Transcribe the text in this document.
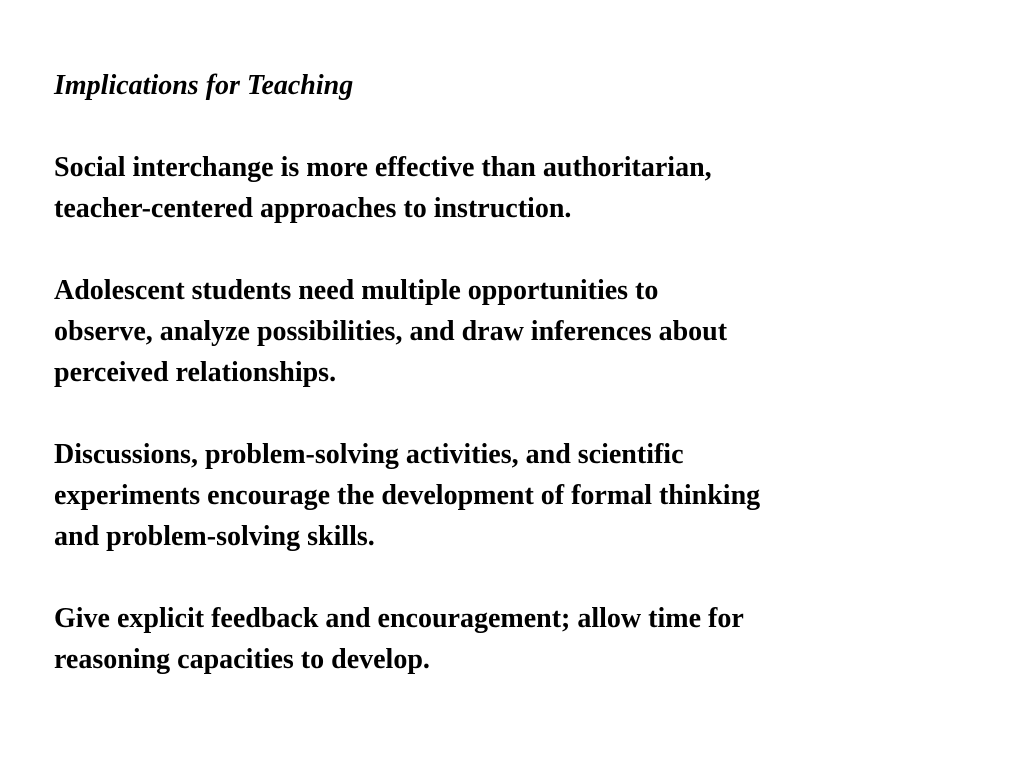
Implications for Teaching
Social interchange is more effective than authoritarian,
teacher-centered approaches to instruction.
Adolescent students need multiple opportunities to
observe, analyze possibilities, and draw inferences about
perceived relationships.
Discussions, problem-solving activities, and scientific
experiments encourage the development of formal thinking
and problem-solving skills.
Give explicit feedback and encouragement; allow time for
reasoning capacities to develop.
